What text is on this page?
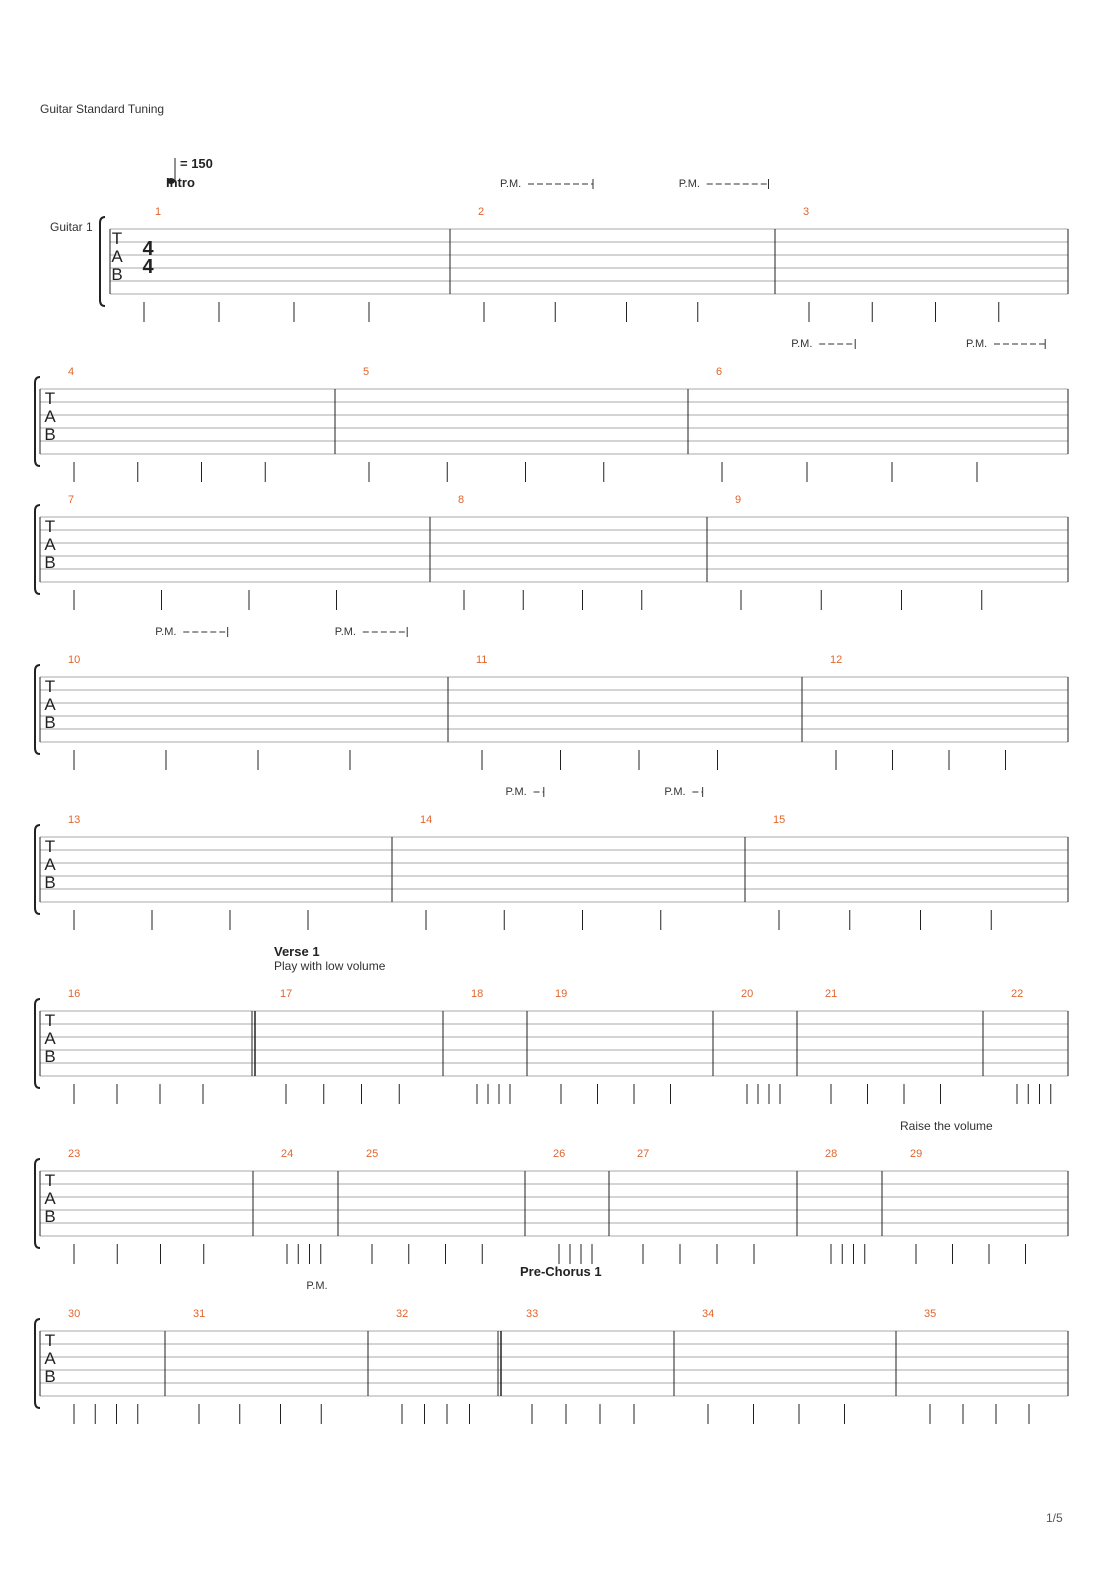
Guitar Standard Tuning
Guitar 1
= 150
T
A
B
4
4
1	2	3
P.M.	P.M.
T
A
B
4	5	6
P.M.	P.M.
T
A
B
7	8	9
T
A
B
10	11	12
P.M.	P.M.
T
A
B
13	14	15
P.M.	P.M.
T
A
B
16	17	18	19	20	21	22
T
A
B
23	24	25	26	27	28	29
T
A
B
30	31	32	33	34	35
P.M.
Intro
Verse 1
Pre-Chorus 1
Play with low volume
Raise the volume
1/5
